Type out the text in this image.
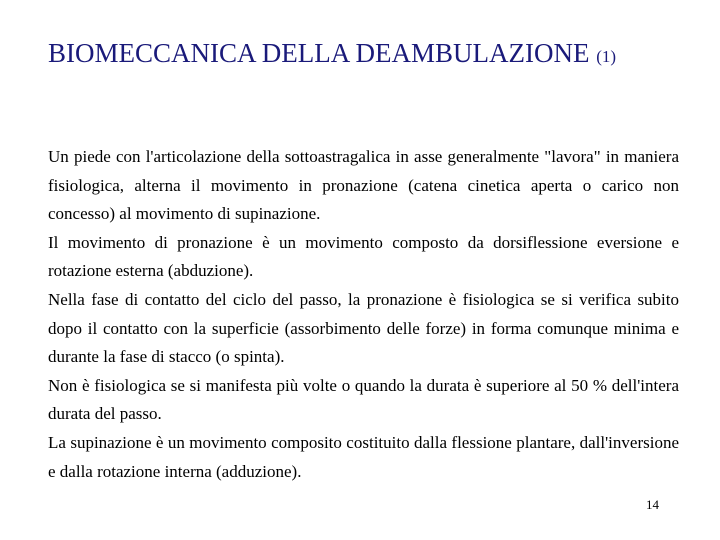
BIOMECCANICA DELLA DEAMBULAZIONE (1)

Un piede con l'articolazione della sottoastragalica in asse generalmente "lavora" in maniera fisiologica, alterna il movimento in pronazione (catena cinetica aperta o carico non concesso) al movimento di supinazione.

Il movimento di pronazione è un movimento composto da dorsiflessione eversione e rotazione esterna (abduzione).

Nella fase di contatto del ciclo del passo, la pronazione è fisiologica se si verifica subito dopo il contatto con la superficie (assorbimento delle forze) in forma comunque minima e durante la fase di stacco (o spinta).

Non è fisiologica se si manifesta più volte o quando la durata è superiore al 50 % dell'intera durata del passo.

La supinazione è un movimento composito costituito dalla flessione plantare, dall'inversione e dalla rotazione interna (adduzione).

14
